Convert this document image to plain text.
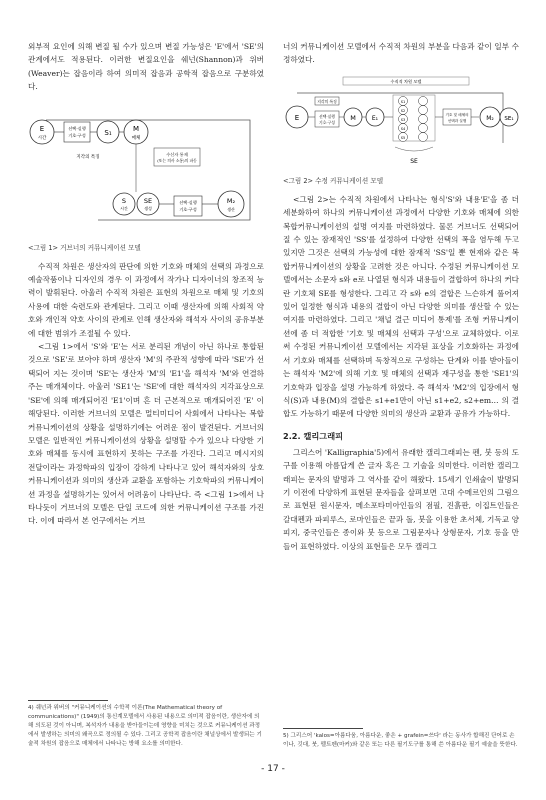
외부적 요인에 의해 변질 될 수가 있으며 변질 가능성은 'E'에서 'SE'의 관계에서도 적용된다. 이러한 변질요인을 쉐넌(Shannon)과 위버(Weaver)는 잡음이라 하여 의미적 잡음과 공학적 잡음으로 구분하였다.

E
시간
선택·실행
기호·구성	S₁	M
매체
수신자 통제
(또는 의사 소통)의 파동
지각의 특징
S
시간
SE
생성
선택·실행
기호·구성
M₂
생산
<그림 1> 거브너의 커뮤니케이션 모델

수직적 차원은 생산자의 판단에 의한 기호와 매체의 선택의 과정으로 예술작품이나 디자인의 경우 이 과정에서 작가나 디자이너의 창조적 능력이 발휘된다. 아울러 수직적 차원은 표현의 차원으로 매체 및 기호의 사용에 대한 숙련도와 관계된다. 그리고 이때 생산자에 의해 사회적 약호와 개인적 약호 사이의 관계로 인해 생산자와 해석자 사이의 공유부분에 대한 범위가 조절될 수 있다.

<그림 1>에서 'S'와 'E'는 서로 분리된 개념이 아닌 하나로 통합된 것으로 'SE'로 보아야 하며 생산자 'M'의 주관적 성향에 따라 'SE'가 선택되어 지는 것이며 'SE'는 생산자 'M'의 'E1'을 해석자 'M'와 연결하주는 매개체이다. 아울러 'SE1'는 'SE'에 대한 해석자의 지각표상으로 'SE'에 의해 매개되어진 'E1'이며 흔 더 근본적으로 매개되어진 'E' 이해당된다. 이러한 거브너의 모델은 멀티미디어 사회에서 나타나는 복합커뮤니케이션의 상황을 설명하기에는 어려운 점이 발견된다. 거브너의 모델은 일반적인 커뮤니케이션의 상황을 설명할 수가 있으나 다양한 기호와 매체를 동시에 표현하지 못하는 구조를 가진다. 그리고 메시지의 전달이라는 과정학파의 입장이 강하게 나타나고 있어 해석자와의 상호커뮤니케이션과 의미의 생산과 교환을 포함하는 기호학파의 커뮤니케이션 과정을 설명하기는 있어서 어려움이 나타난다. 즉 <그림 1>에서 나타나듯이 거브너의 모델은 단일 코드에 의한 커뮤니케이션 구조를 가진다. 이에 따라서 본 연구에서는 거브

4) 쉐넌과 위버의 "커뮤니케이션의 수학적 이론(The Mathematical theory of communications)" (1949)의 통신계모델에서 사용된 내용으로 의미적 잡음이란, 생산자에 의해 의도된 것이 아니며, 복석자가 내용을 받아들이는데 영향을 미치는 것으로 커뮤니케이션 과정에서 발생하는 의미의 왜곡으로 정의될 수 있다. 그리고 공학적 잡음이란 채널상에서 발생되는 기술적 차원의 잡음으로 매체에서 나타나는 방해 요소를 의미한다.

너의 커뮤니케이션 모델에서 수직적 차원의 부분을 다음과 같이 일부 수정하였다.

수직적 차원 모델
E
지각의 특징
선택·실행
기호·구성
M	E₁
S1
S2
S3
S4
S5
기호 및 매체의
선택과 실행	M₂ SE₁
SE
<그림 2> 수정 커뮤니케이션 모델

<그림 2>는 수직적 차원에서 나타나는 형식'S'와 내용'E'을 좀 더 세분화하여 하나의 커뮤니케이션 과정에서 다양한 기호와 매체에 의한 복합커뮤니케이션의 설명 여지를 마련하였다. 물론 거브너도 선택되어 질 수 있는 잠재적인 'SS'를 설정하여 다양한 선택의 폭을 염두해 두고 있지만 그것은 선택의 가능성에 대한 잠재적 'SS'일 뿐 현재와 같은 복합커뮤니케이션의 상황을 고려한 것은 아니다. 수정된 커뮤니케이션 모델에서는 소문자 s와 e로 나열된 형식과 내용들이 결합하여 하나의 커다란 기호체 SE를 형성한다. 그리고 각 s와 e의 결합은 느슨하게 풀어져 있어 일정한 형식과 내용의 결합이 아닌 다양한 의미를 생산할 수 있는 여지를 마련하였다. 그리고 '채널 결근 미디어 통제'를 조형 커뮤니케이션에 좀 더 적합한 '기호 및 매체의 선택과 구성'으로 교체하였다. 이로써 수정된 커뮤니케이션 모델에서는 지각된 표상을 기호화하는 과정에서 기호와 매체를 선택하며 독창적으로 구성하는 단계와 이를 받아들이는 해석자 'M2'에 의해 기호 및 매체의 선택과 재구성을 통한 'SE1'의 기호학과 입장을 설명 가능하게 하였다. 즉 해석자 'M2'의 입장에서 형식(S)과 내용(M)의 결합은 s1+e1만이 아닌 s1+e2, s2+em… 의 결합도 가능하기 때문에 다양한 의미의 생산과 교환과 공유가 가능하다.

2.2. 캘리그래피

그리스어 'Kalligraphia'5)에서 유래한 캘리그래피는 펜, 붓 등의 도구를 이용해 아름답게 쓴 글자 혹은 그 기술을 의미한다. 이러한 캘리그래피는 문자의 발명과 그 역사를 같이 해왔다. 15세기 인쇄술이 발명되기 이전에 다양하게 표현된 문자들을 살펴보면 고대 수메르인의 그림으로 표현된 원시문자, 메소포타미아인들의 점필, 진흙판, 이집트인들은 갈대펜과 파피루스, 로마인들은 끝과 돌, 붓을 이용한 초서체, 기독교 양피지, 중국인들은 종이와 붓 등으로 그림문자나 상형문자, 기호 등을 만들어 표현하였다. 이상의 표현들은 모두 캘리그

5) 그리스어 'kalos=아름다움, 아름다운, 좋은 + grafein=쓰다' 라는 동사가 합해진 단어로 손이나, 깃대, 붓, 펠트펜(마커)와 같은 또는 다른 필기도구를 통해 쓴 아름다운 필기 예술을 뜻한다.
- 17 -
